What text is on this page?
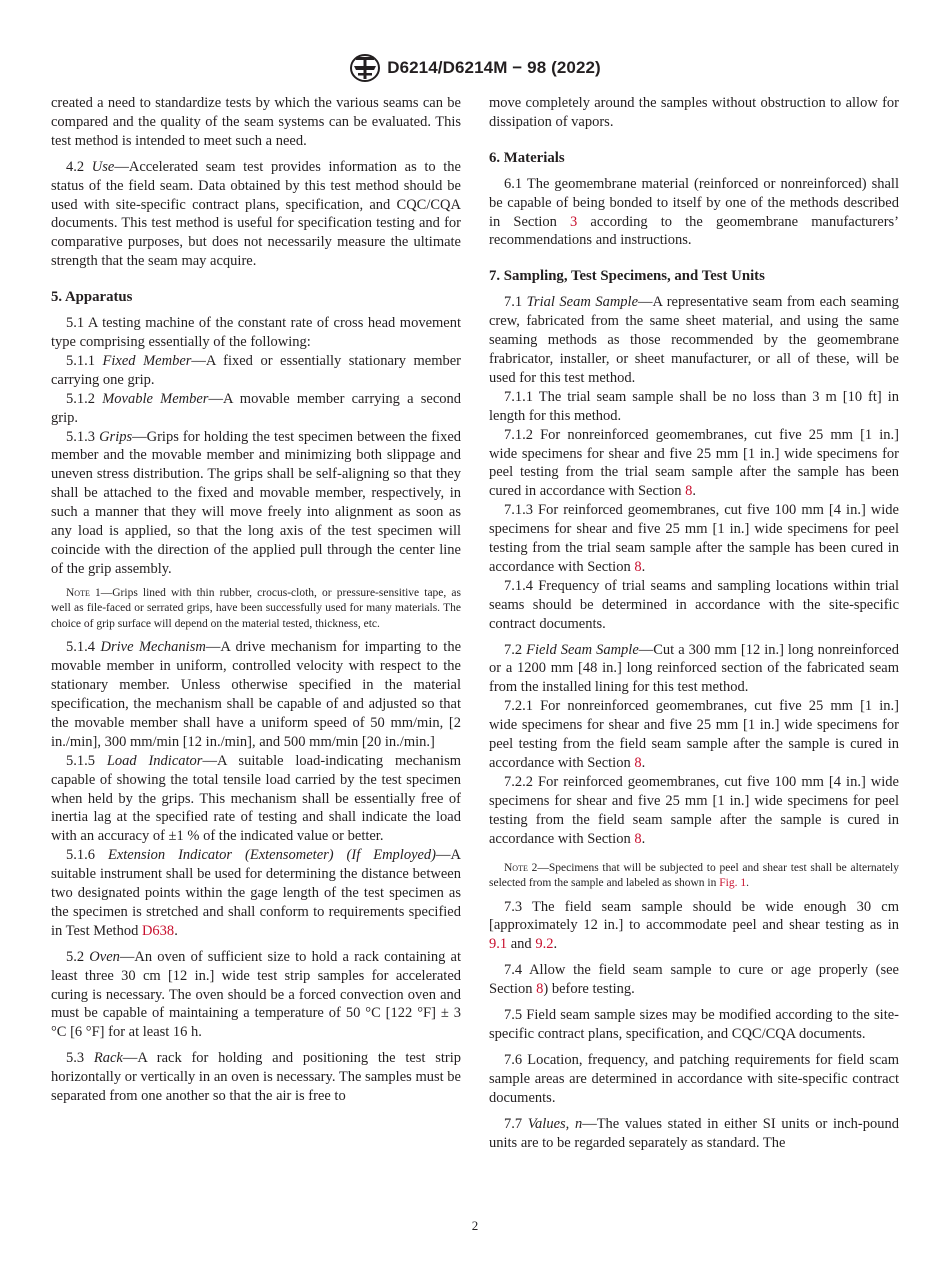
D6214/D6214M − 98 (2022)

created a need to standardize tests by which the various seams can be compared and the quality of the seam systems can be evaluated. This test method is intended to meet such a need.

4.2 Use—Accelerated seam test provides information as to the status of the field seam. Data obtained by this test method should be used with site-specific contract plans, specification, and CQC/CQA documents. This test method is useful for specification testing and for comparative purposes, but does not necessarily measure the ultimate strength that the seam may acquire.

5. Apparatus

5.1 A testing machine of the constant rate of cross head movement type comprising essentially of the following:

5.1.1 Fixed Member—A fixed or essentially stationary member carrying one grip.

5.1.2 Movable Member—A movable member carrying a second grip.

5.1.3 Grips—Grips for holding the test specimen between the fixed member and the movable member and minimizing both slippage and uneven stress distribution. The grips shall be self-aligning so that they shall be attached to the fixed and movable member, respectively, in such a manner that they will move freely into alignment as soon as any load is applied, so that the long axis of the test specimen will coincide with the direction of the applied pull through the center line of the grip assembly.

Note 1—Grips lined with thin rubber, crocus-cloth, or pressure-sensitive tape, as well as file-faced or serrated grips, have been successfully used for many materials. The choice of grip surface will depend on the material tested, thickness, etc.

5.1.4 Drive Mechanism—A drive mechanism for imparting to the movable member in uniform, controlled velocity with respect to the stationary member. Unless otherwise specified in the material specification, the mechanism shall be capable of and adjusted so that the movable member shall have a uniform speed of 50 mm/min, [2 in./min], 300 mm/min [12 in./min], and 500 mm/min [20 in./min.]

5.1.5 Load Indicator—A suitable load-indicating mechanism capable of showing the total tensile load carried by the test specimen when held by the grips. This mechanism shall be essentially free of inertia lag at the specified rate of testing and shall indicate the load with an accuracy of ±1 % of the indicated value or better.

5.1.6 Extension Indicator (Extensometer) (If Employed)—A suitable instrument shall be used for determining the distance between two designated points within the gage length of the test specimen as the specimen is stretched and shall conform to requirements specified in Test Method D638.

5.2 Oven—An oven of sufficient size to hold a rack containing at least three 30 cm [12 in.] wide test strip samples for accelerated curing is necessary. The oven should be a forced convection oven and must be capable of maintaining a temperature of 50 °C [122 °F] ± 3 °C [6 °F] for at least 16 h.

5.3 Rack—A rack for holding and positioning the test strip horizontally or vertically in an oven is necessary. The samples must be separated from one another so that the air is free to

move completely around the samples without obstruction to allow for dissipation of vapors.

6. Materials

6.1 The geomembrane material (reinforced or nonreinforced) shall be capable of being bonded to itself by one of the methods described in Section 3 according to the geomembrane manufacturers’ recommendations and instructions.

7. Sampling, Test Specimens, and Test Units

7.1 Trial Seam Sample—A representative seam from each seaming crew, fabricated from the same sheet material, and using the same seaming methods as those recommended by the geomembrane frabricator, installer, or sheet manufacturer, or all of these, will be used for this test method.

7.1.1 The trial seam sample shall be no loss than 3 m [10 ft] in length for this method.

7.1.2 For nonreinforced geomembranes, cut five 25 mm [1 in.] wide specimens for shear and five 25 mm [1 in.] wide specimens for peel testing from the trial seam sample after the sample has been cured in accordance with Section 8.

7.1.3 For reinforced geomembranes, cut five 100 mm [4 in.] wide specimens for shear and five 25 mm [1 in.] wide specimens for peel testing from the trial seam sample after the sample has been cured in accordance with Section 8.

7.1.4 Frequency of trial seams and sampling locations within trial seams should be determined in accordance with the site-specific contract documents.

7.2 Field Seam Sample—Cut a 300 mm [12 in.] long nonreinforced or a 1200 mm [48 in.] long reinforced section of the fabricated seam from the installed lining for this test method.

7.2.1 For nonreinforced geomembranes, cut five 25 mm [1 in.] wide specimens for shear and five 25 mm [1 in.] wide specimens for peel testing from the field seam sample after the sample is cured in accordance with Section 8.

7.2.2 For reinforced geomembranes, cut five 100 mm [4 in.] wide specimens for shear and five 25 mm [1 in.] wide specimens for peel testing from the field seam sample after the sample is cured in accordance with Section 8.

Note 2—Specimens that will be subjected to peel and shear test shall be alternately selected from the sample and labeled as shown in Fig. 1.

7.3 The field seam sample should be wide enough 30 cm [approximately 12 in.] to accommodate peel and shear testing as in 9.1 and 9.2.

7.4 Allow the field seam sample to cure or age properly (see Section 8) before testing.

7.5 Field seam sample sizes may be modified according to the site-specific contract plans, specification, and CQC/CQA documents.

7.6 Location, frequency, and patching requirements for field scam sample areas are determined in accordance with site-specific contract documents.

7.7 Values, n—The values stated in either SI units or inch-pound units are to be regarded separately as standard. The

2
